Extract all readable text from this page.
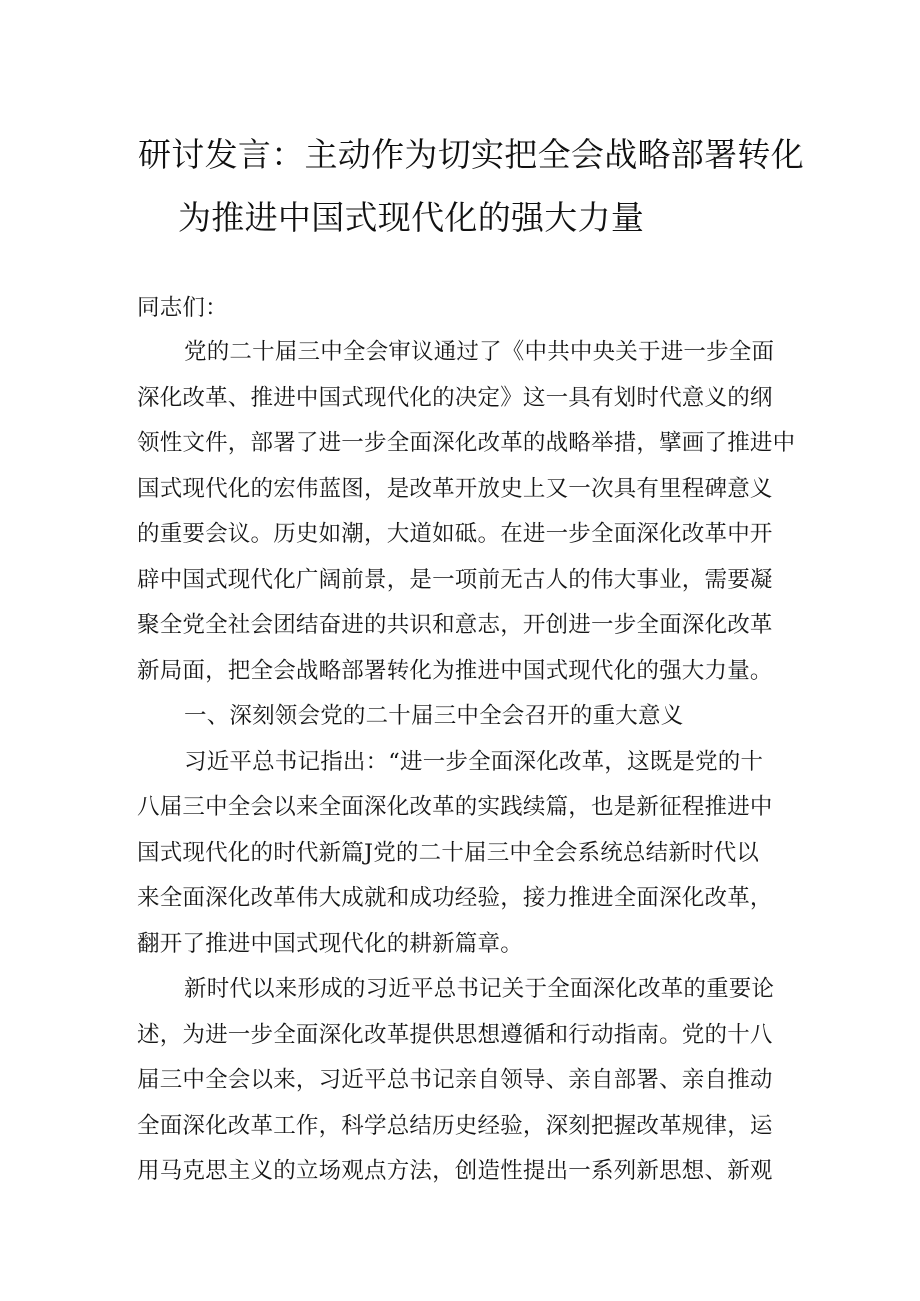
研讨发言：主动作为切实把全会战略部署转化
为推进中国式现代化的强大力量
同志们：
党的二十届三中全会审议通过了《中共中央关于进一步全面
深化改革、推进中国式现代化的决定》这一具有划时代意义的纲
领性文件，部署了进一步全面深化改革的战略举措，擘画了推进中
国式现代化的宏伟蓝图，是改革开放史上又一次具有里程碑意义
的重要会议。历史如潮，大道如砥。在进一步全面深化改革中开
辟中国式现代化广阔前景，是一项前无古人的伟大事业，需要凝
聚全党全社会团结奋进的共识和意志，开创进一步全面深化改革
新局面，把全会战略部署转化为推进中国式现代化的强大力量。
一、深刻领会党的二十届三中全会召开的重大意义
习近平总书记指出：“进一步全面深化改革，这既是党的十
八届三中全会以来全面深化改革的实践续篇，也是新征程推进中
国式现代化的时代新篇J党的二十届三中全会系统总结新时代以
来全面深化改革伟大成就和成功经验，接力推进全面深化改革，
翻开了推进中国式现代化的耕新篇章。
新时代以来形成的习近平总书记关于全面深化改革的重要论
述，为进一步全面深化改革提供思想遵循和行动指南。党的十八
届三中全会以来，习近平总书记亲自领导、亲自部署、亲自推动
全面深化改革工作，科学总结历史经验，深刻把握改革规律，运
用马克思主义的立场观点方法，创造性提出一系列新思想、新观
